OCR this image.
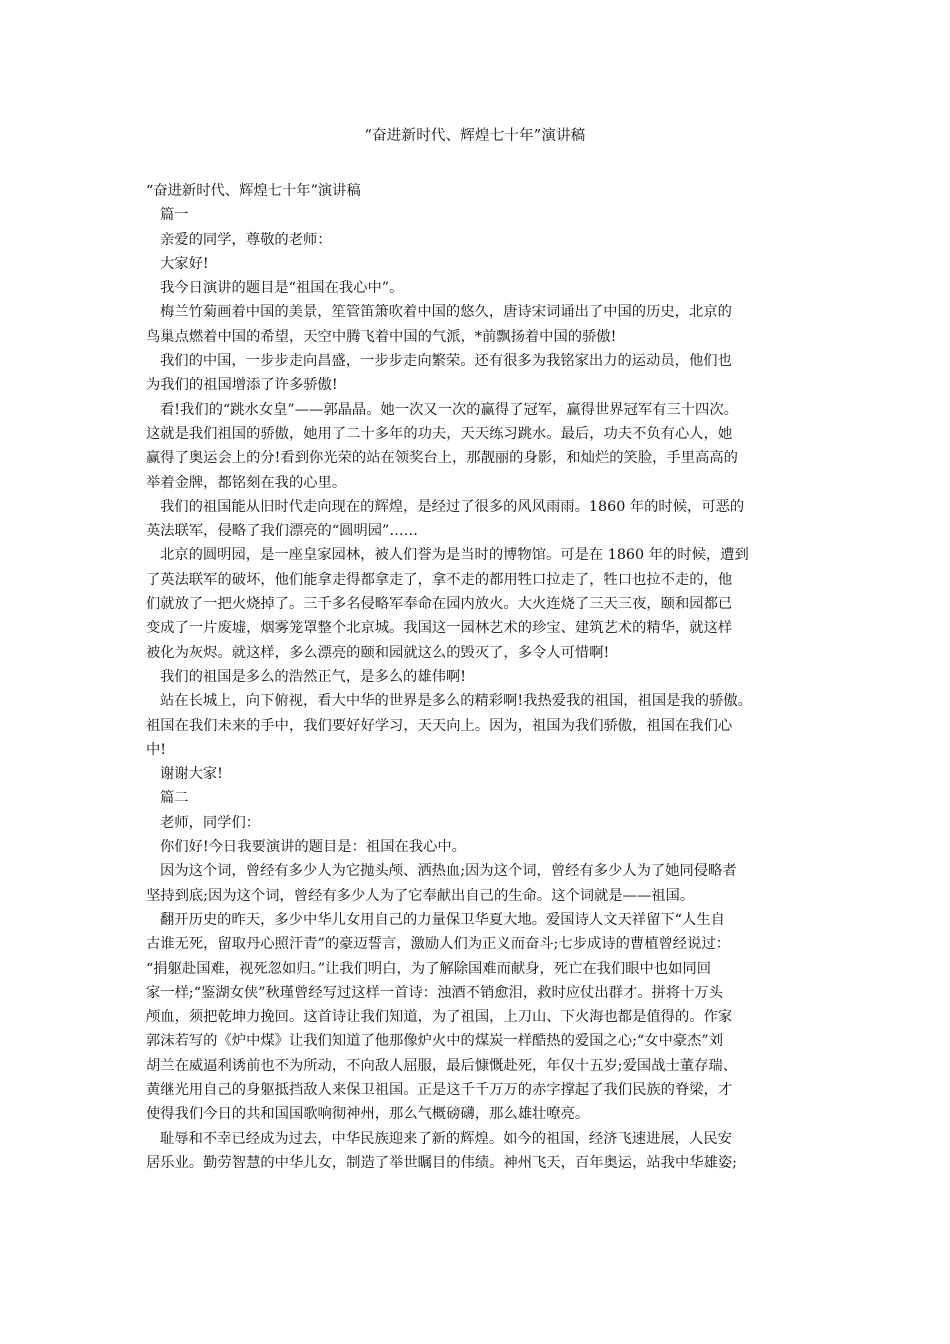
“奋进新时代、辉煌七十年”演讲稿
“奋进新时代、辉煌七十年”演讲稿
篇一
亲爱的同学，尊敬的老师：
大家好!
我今日演讲的题目是“祖国在我心中”。
梅兰竹菊画着中国的美景，笙管笛箫吹着中国的悠久，唐诗宋词诵出了中国的历史，北京的
鸟巢点燃着中国的希望，天空中腾飞着中国的气派，*前飘扬着中国的骄傲!
我们的中国，一步步走向昌盛，一步步走向繁荣。还有很多为我铭家出力的运动员，他们也
为我们的祖国增添了许多骄傲!
看!我们的“跳水女皇”——郭晶晶。她一次又一次的赢得了冠军，赢得世界冠军有三十四次。
这就是我们祖国的骄傲，她用了二十多年的功夫，天天练习跳水。最后，功夫不负有心人，她
赢得了奥运会上的分!看到你光荣的站在领奖台上，那靓丽的身影，和灿烂的笑脸，手里高高的
举着金牌，都铭刻在我的心里。
我们的祖国能从旧时代走向现在的辉煌，是经过了很多的风风雨雨。1860 年的时候，可恶的
英法联军，侵略了我们漂亮的“圆明园”……
北京的圆明园，是一座皇家园林，被人们誉为是当时的博物馆。可是在 1860 年的时候，遭到
了英法联军的破坏，他们能拿走得都拿走了，拿不走的都用牲口拉走了，牲口也拉不走的，他
们就放了一把火烧掉了。三千多名侵略军奉命在园内放火。大火连烧了三天三夜，颐和园都已
变成了一片废墟，烟雾笼罩整个北京城。我国这一园林艺术的珍宝、建筑艺术的精华，就这样
被化为灰烬。就这样，多么漂亮的颐和园就这么的毁灭了，多令人可惜啊!
我们的祖国是多么的浩然正气，是多么的雄伟啊!
站在长城上，向下俯视，看大中华的世界是多么的精彩啊!我热爱我的祖国，祖国是我的骄傲。
祖国在我们未来的手中，我们要好好学习，天天向上。因为，祖国为我们骄傲，祖国在我们心
中!
谢谢大家!
篇二
老师，同学们：
你们好!今日我要演讲的题目是：祖国在我心中。
因为这个词，曾经有多少人为它抛头颅、洒热血;因为这个词，曾经有多少人为了她同侵略者
坚持到底;因为这个词，曾经有多少人为了它奉献出自己的生命。这个词就是——祖国。
翻开历史的昨天，多少中华儿女用自己的力量保卫华夏大地。爱国诗人文天祥留下“人生自
古谁无死，留取丹心照汗青”的豪迈誓言，激励人们为正义而奋斗;七步成诗的曹植曾经说过：
“捐躯赴国难，视死忽如归。”让我们明白，为了解除国难而献身，死亡在我们眼中也如同回
家一样;“鉴湖女侠”秋瑾曾经写过这样一首诗：浊酒不销愈泪，救时应仗出群才。拼将十万头
颅血，须把乾坤力挽回。这首诗让我们知道，为了祖国，上刀山、下火海也都是值得的。作家
郭沫若写的《炉中煤》让我们知道了他那像炉火中的煤炭一样酷热的爱国之心;“女中豪杰”刘
胡兰在威逼利诱前也不为所动，不向敌人屈服，最后慷慨赴死，年仅十五岁;爱国战士董存瑞、
黄继光用自己的身躯抵挡敌人来保卫祖国。正是这千千万万的赤字撑起了我们民族的脊梁，才
使得我们今日的共和国国歌响彻神州，那么气概磅礴，那么雄壮嘹亮。
耻辱和不幸已经成为过去，中华民族迎来了新的辉煌。如今的祖国，经济飞速进展，人民安
居乐业。勤劳智慧的中华儿女，制造了举世瞩目的伟绩。神州飞天，百年奥运，站我中华雄姿;
